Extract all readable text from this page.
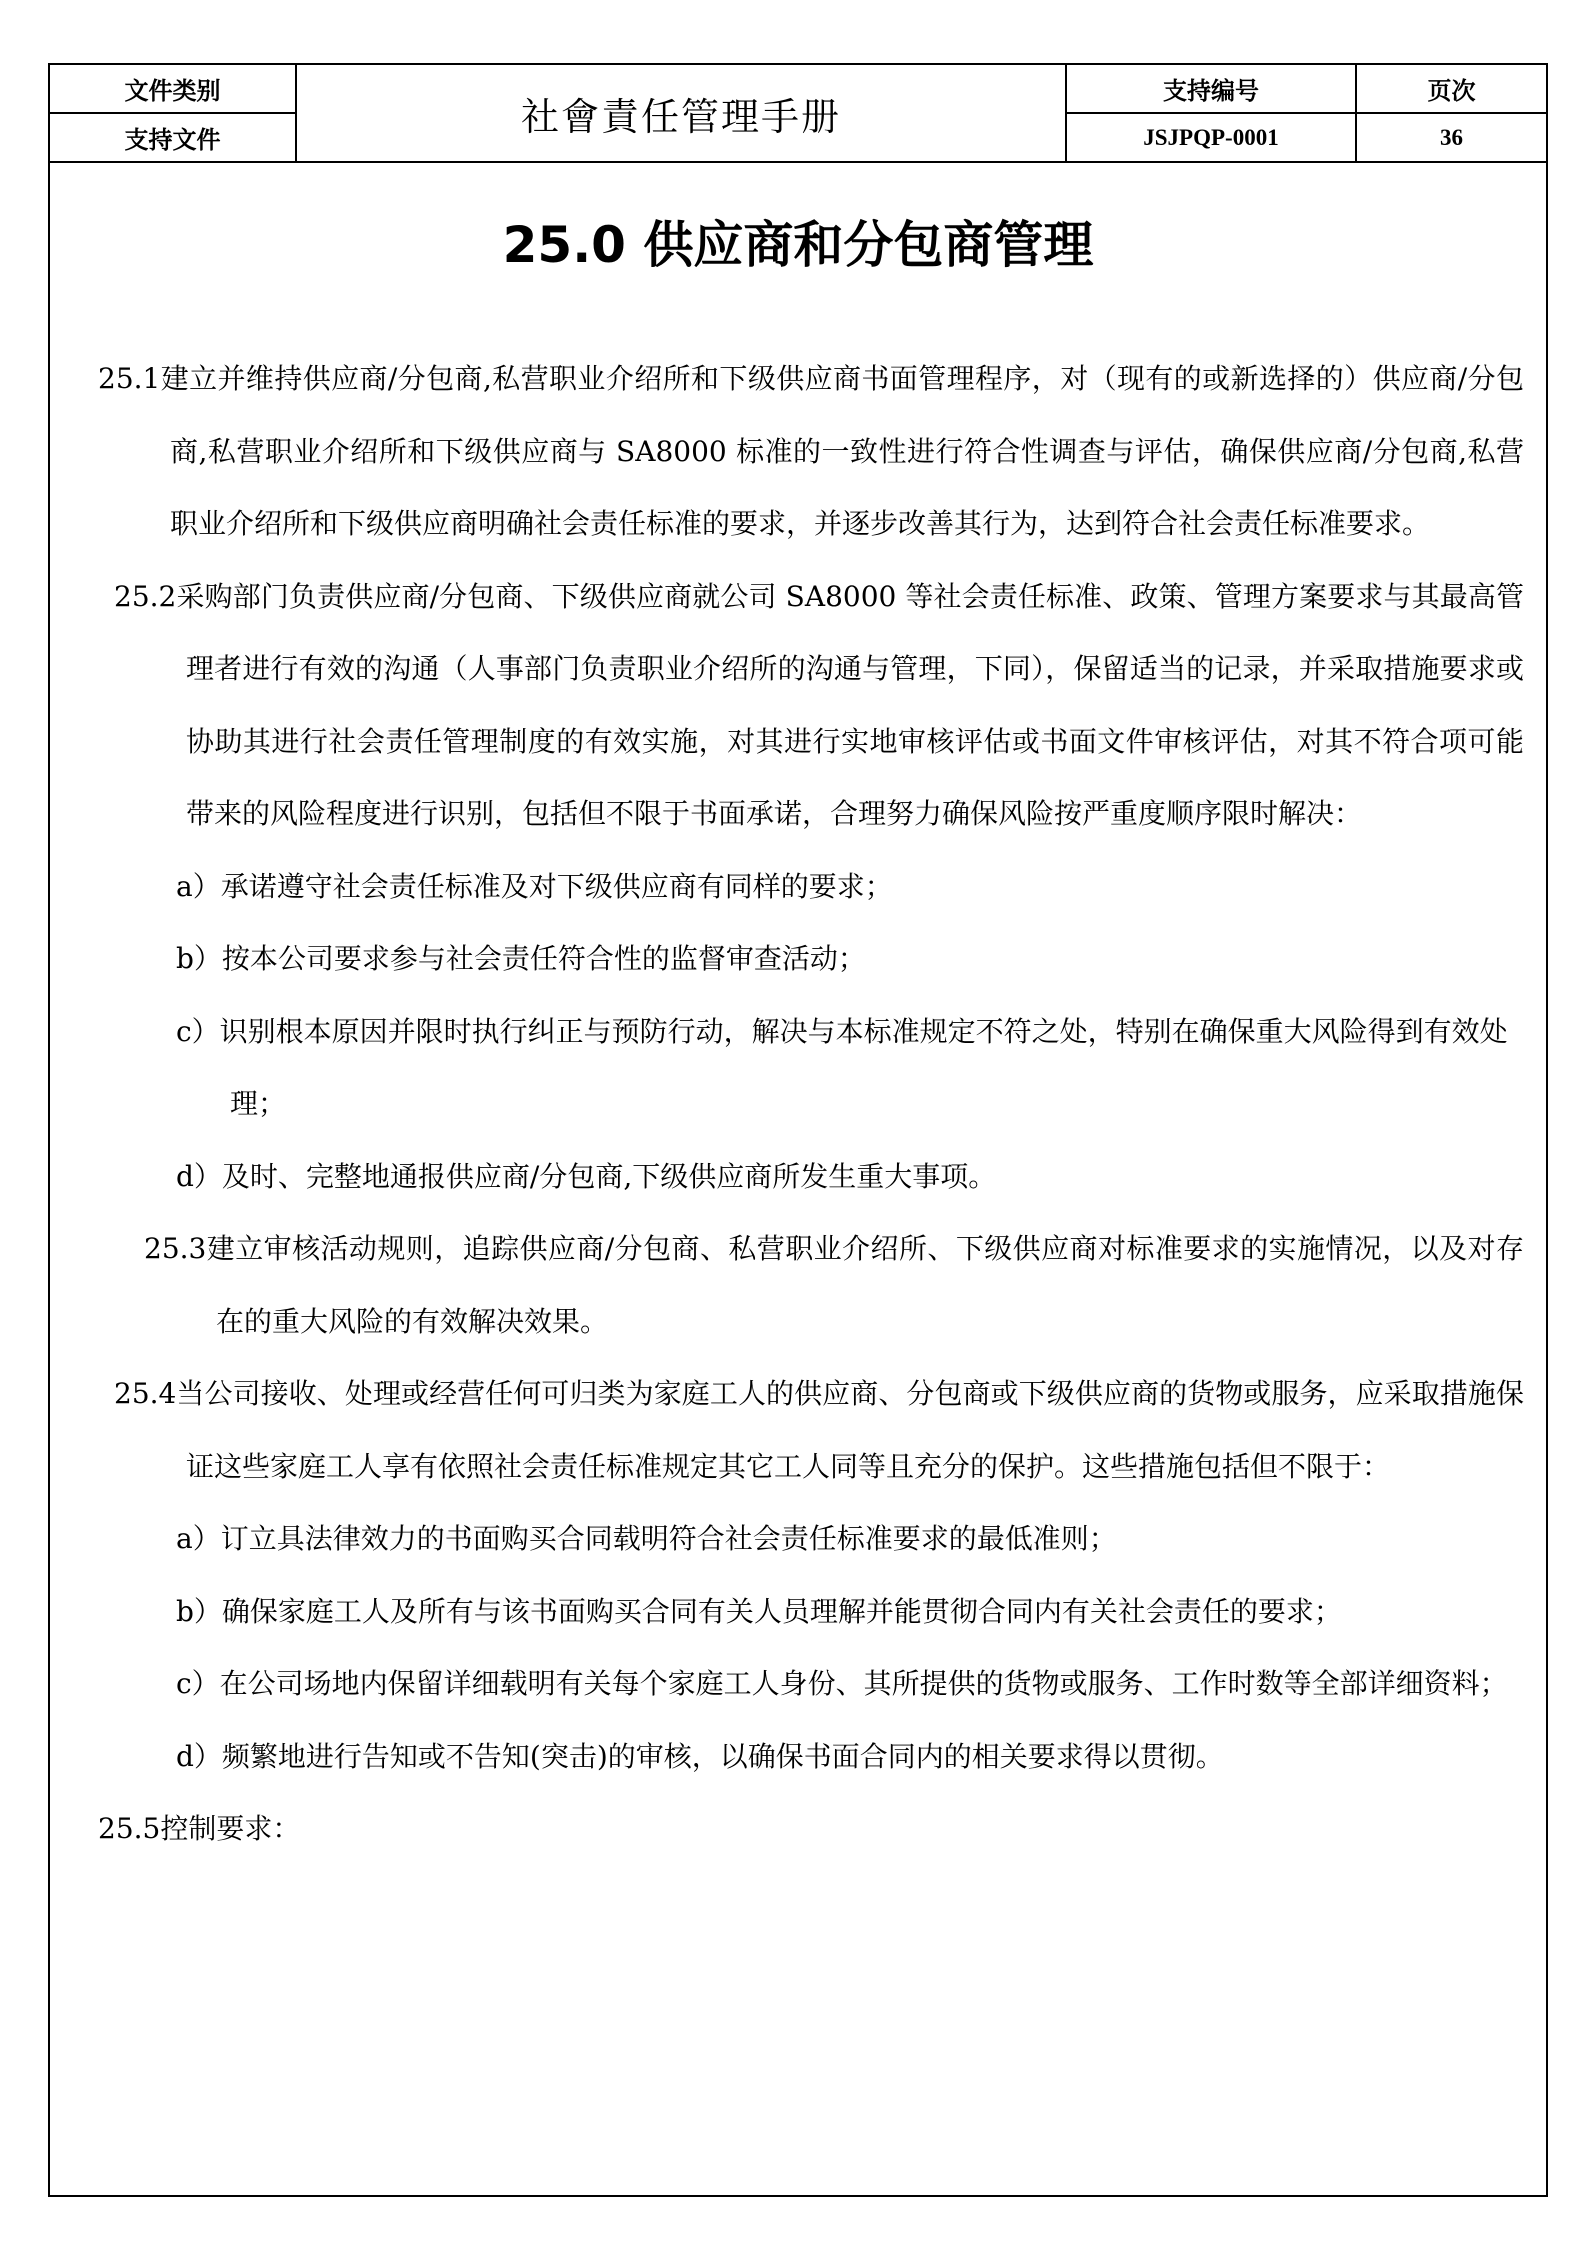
文件类别	社會責任管理手册	支持编号	页次
支持文件		JSJPQP-0001	36
25.0 供应商和分包商管理
25.1建立并维持供应商/分包商,私营职业介绍所和下级供应商书面管理程序，对（现有的或新选择的）供应商/分包商,私营职业介绍所和下级供应商与 SA8000 标准的一致性进行符合性调查与评估，确保供应商/分包商,私营职业介绍所和下级供应商明确社会责任标准的要求，并逐步改善其行为，达到符合社会责任标准要求。
25.2采购部门负责供应商/分包商、下级供应商就公司 SA8000 等社会责任标准、政策、管理方案要求与其最高管理者进行有效的沟通（人事部门负责职业介绍所的沟通与管理，下同），保留适当的记录，并采取措施要求或协助其进行社会责任管理制度的有效实施，对其进行实地审核评估或书面文件审核评估，对其不符合项可能带来的风险程度进行识别，包括但不限于书面承诺，合理努力确保风险按严重度顺序限时解决：
a）承诺遵守社会责任标准及对下级供应商有同样的要求；
b）按本公司要求参与社会责任符合性的监督审查活动；
c）识别根本原因并限时执行纠正与预防行动，解决与本标准规定不符之处，特别在确保重大风险得到有效处理；
d）及时、完整地通报供应商/分包商,下级供应商所发生重大事项。
25.3建立审核活动规则，追踪供应商/分包商、私营职业介绍所、下级供应商对标准要求的实施情况，以及对存在的重大风险的有效解决效果。
25.4当公司接收、处理或经营任何可归类为家庭工人的供应商、分包商或下级供应商的货物或服务，应采取措施保证这些家庭工人享有依照社会责任标准规定其它工人同等且充分的保护。这些措施包括但不限于：
a）订立具法律效力的书面购买合同载明符合社会责任标准要求的最低准则；
b）确保家庭工人及所有与该书面购买合同有关人员理解并能贯彻合同内有关社会责任的要求；
c）在公司场地内保留详细载明有关每个家庭工人身份、其所提供的货物或服务、工作时数等全部详细资料；
d）频繁地进行告知或不告知(突击)的审核，以确保书面合同内的相关要求得以贯彻。
25.5控制要求：
